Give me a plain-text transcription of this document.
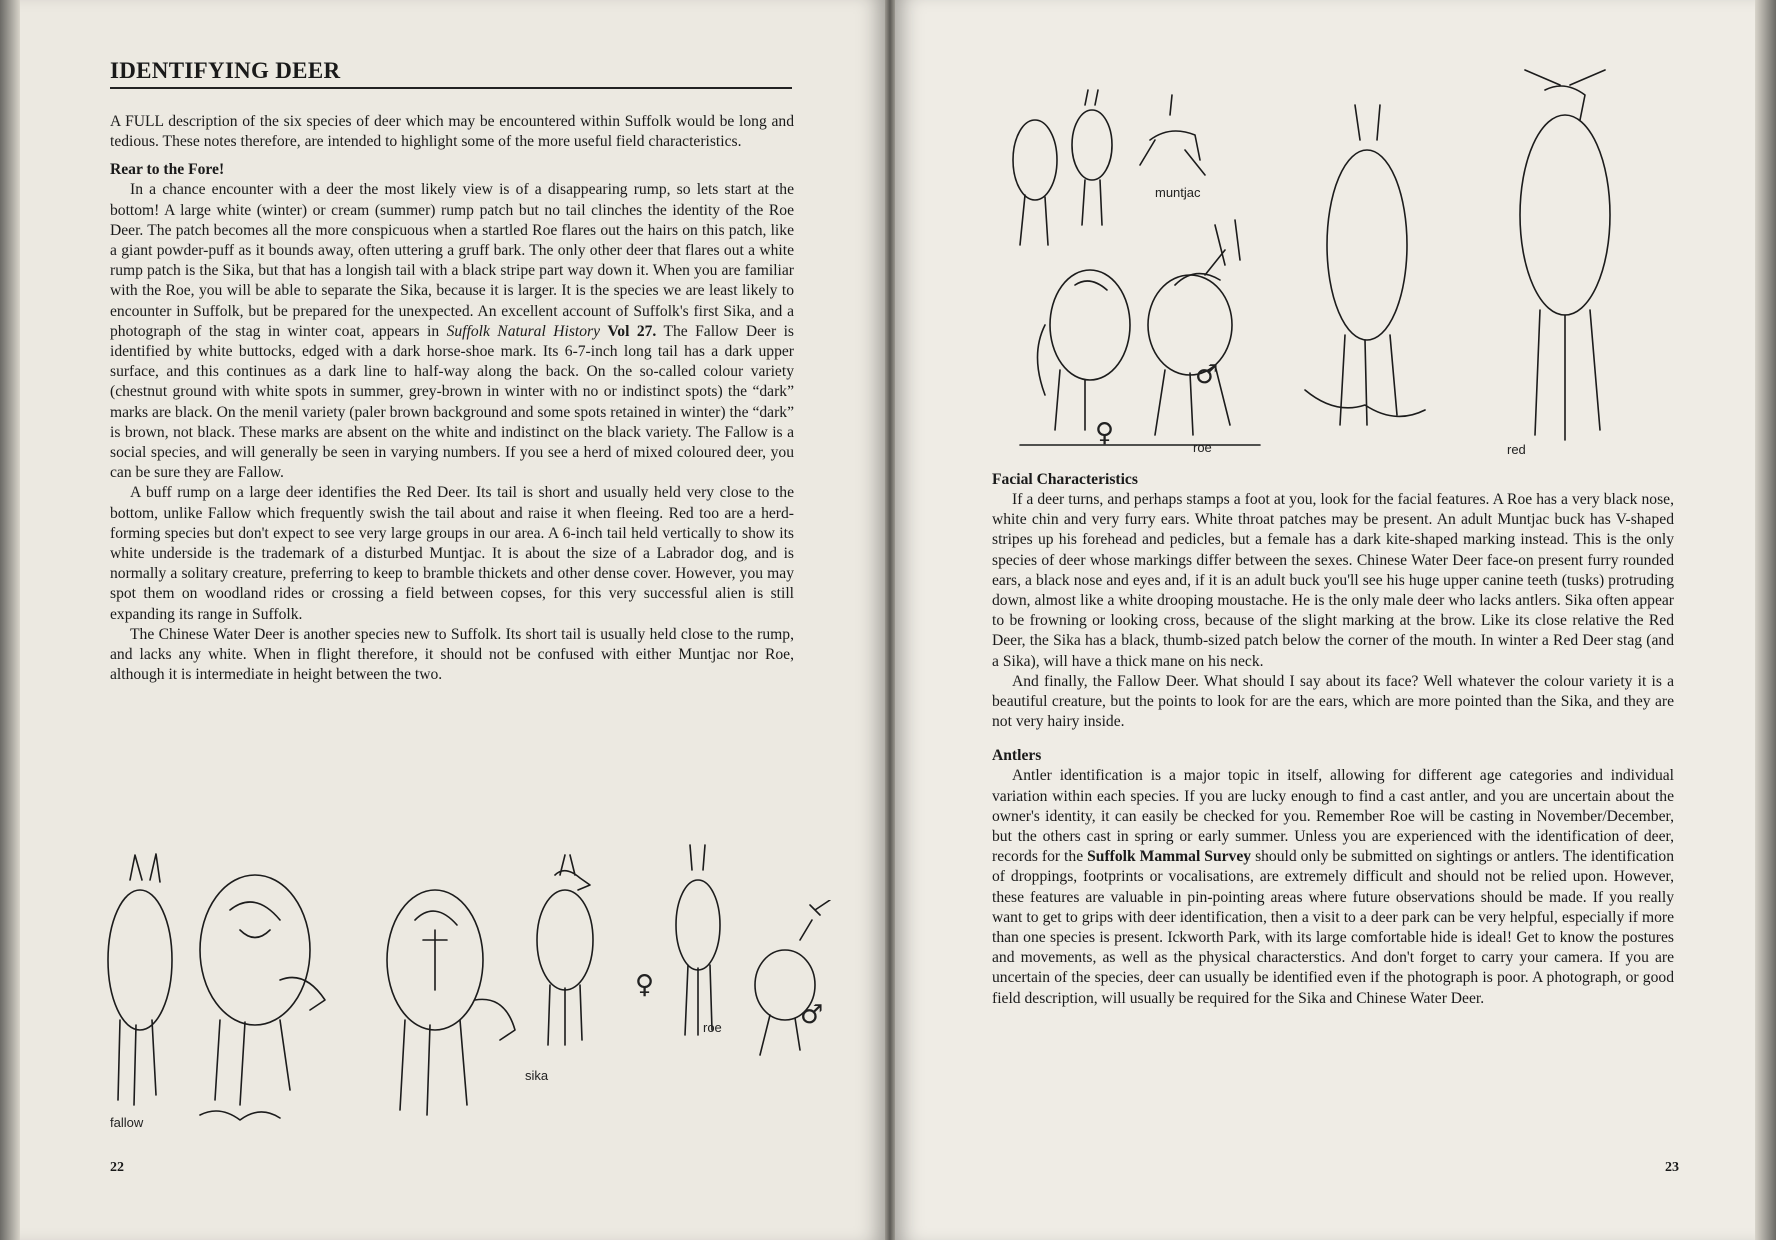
IDENTIFYING DEER

A FULL description of the six species of deer which may be encountered within Suffolk would be long and tedious. These notes therefore, are intended to highlight some of the more useful field characteristics.

Rear to the Fore!

In a chance encounter with a deer the most likely view is of a disappearing rump, so lets start at the bottom! A large white (winter) or cream (summer) rump patch but no tail clinches the identity of the Roe Deer. The patch becomes all the more conspicuous when a startled Roe flares out the hairs on this patch, like a giant powder-puff as it bounds away, often uttering a gruff bark. The only other deer that flares out a white rump patch is the Sika, but that has a longish tail with a black stripe part way down it. When you are familiar with the Roe, you will be able to separate the Sika, because it is larger. It is the species we are least likely to encounter in Suffolk, but be prepared for the unexpected. An excellent account of Suffolk's first Sika, and a photograph of the stag in winter coat, appears in Suffolk Natural History Vol 27. The Fallow Deer is identified by white buttocks, edged with a dark horse-shoe mark. Its 6-7-inch long tail has a dark upper surface, and this continues as a dark line to half-way along the back. On the so-called colour variety (chestnut ground with white spots in summer, grey-brown in winter with no or indistinct spots) the “dark” marks are black. On the menil variety (paler brown background and some spots retained in winter) the “dark” is brown, not black. These marks are absent on the white and indistinct on the black variety. The Fallow is a social species, and will generally be seen in varying numbers. If you see a herd of mixed coloured deer, you can be sure they are Fallow.

A buff rump on a large deer identifies the Red Deer. Its tail is short and usually held very close to the bottom, unlike Fallow which frequently swish the tail about and raise it when fleeing. Red too are a herd-forming species but don't expect to see very large groups in our area. A 6-inch tail held vertically to show its white underside is the trademark of a disturbed Muntjac. It is about the size of a Labrador dog, and is normally a solitary creature, preferring to keep to bramble thickets and other dense cover. However, you may spot them on woodland rides or crossing a field between copses, for this very successful alien is still expanding its range in Suffolk.

The Chinese Water Deer is another species new to Suffolk. Its short tail is usually held close to the rump, and lacks any white. When in flight therefore, it should not be confused with either Muntjac nor Roe, although it is intermediate in height between the two.

fallow
sika
♀
♂
roe
22
muntjac
♀
♂
roe	red
Facial Characteristics

If a deer turns, and perhaps stamps a foot at you, look for the facial features. A Roe has a very black nose, white chin and very furry ears. White throat patches may be present. An adult Muntjac buck has V-shaped stripes up his forehead and pedicles, but a female has a dark kite-shaped marking instead. This is the only species of deer whose markings differ between the sexes. Chinese Water Deer face-on present furry rounded ears, a black nose and eyes and, if it is an adult buck you'll see his huge upper canine teeth (tusks) protruding down, almost like a white drooping moustache. He is the only male deer who lacks antlers. Sika often appear to be frowning or looking cross, because of the slight marking at the brow. Like its close relative the Red Deer, the Sika has a black, thumb-sized patch below the corner of the mouth. In winter a Red Deer stag (and a Sika), will have a thick mane on his neck.

And finally, the Fallow Deer. What should I say about its face? Well whatever the colour variety it is a beautiful creature, but the points to look for are the ears, which are more pointed than the Sika, and they are not very hairy inside.

Antlers

Antler identification is a major topic in itself, allowing for different age categories and individual variation within each species. If you are lucky enough to find a cast antler, and you are uncertain about the owner's identity, it can easily be checked for you. Remember Roe will be casting in November/December, but the others cast in spring or early summer. Unless you are experienced with the identification of deer, records for the Suffolk Mammal Survey should only be submitted on sightings or antlers. The identification of droppings, footprints or vocalisations, are extremely difficult and should not be relied upon. However, these features are valuable in pin-pointing areas where future observations should be made. If you really want to get to grips with deer identification, then a visit to a deer park can be very helpful, especially if more than one species is present. Ickworth Park, with its large comfortable hide is ideal! Get to know the postures and movements, as well as the physical characterstics. And don't forget to carry your camera. If you are uncertain of the species, deer can usually be identified even if the photograph is poor. A photograph, or good field description, will usually be required for the Sika and Chinese Water Deer.

23
